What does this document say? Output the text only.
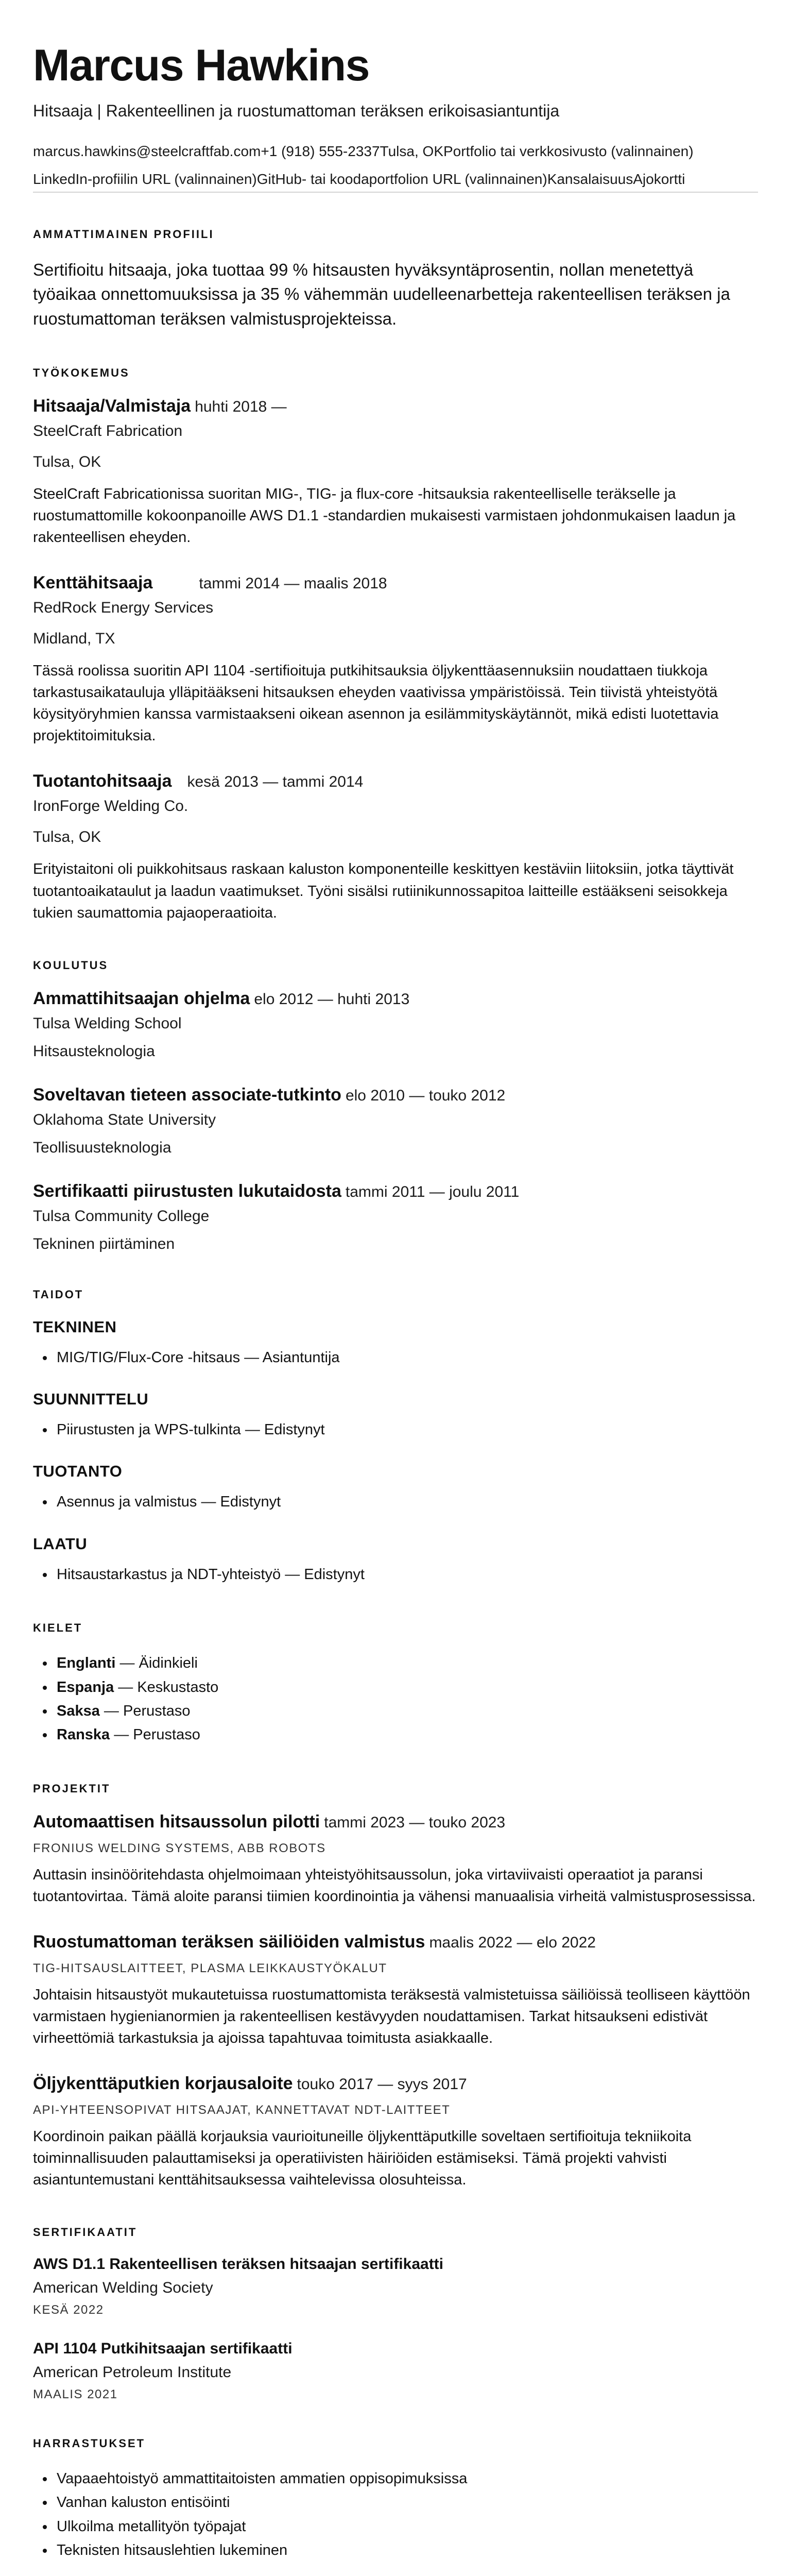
Marcus Hawkins
Hitsaaja | Rakenteellinen ja ruostumattoman teräksen erikoisasiantuntija
marcus.hawkins@steelcraftfab.com +1 (918) 555-2337 Tulsa, OK Portfolio tai verkkosivusto (valinnainen)
LinkedIn-profiilin URL (valinnainen) GitHub- tai koodaportfolion URL (valinnainen) Kansalaisuus Ajokortti
AMMATTIMAINEN PROFIILI
Sertifioitu hitsaaja, joka tuottaa 99 % hitsausten hyväksyntäprosentin, nollan menetettyä työaikaa onnettomuuksissa ja 35 % vähemmän uudelleenarbetteja rakenteellisen teräksen ja ruostumattoman teräksen valmistusprojekteissa.
TYÖKOKEMUS
Hitsaaja/Valmistaja huhti 2018 —
SteelCraft Fabrication
Tulsa, OK
SteelCraft Fabricationissa suoritan MIG-, TIG- ja flux-core -hitsauksia rakenteelliselle teräkselle ja ruostumattomille kokoonpanoille AWS D1.1 -standardien mukaisesti varmistaen johdonmukaisen laadun ja rakenteellisen eheyden.
Kenttähitsaaja	tammi 2014 — maalis 2018
RedRock Energy Services
Midland, TX
Tässä roolissa suoritin API 1104 -sertifioituja putkihitsauksia öljykenttäasennuksiin noudattaen tiukkoja tarkastusaikatauluja ylläpitääkseni hitsauksen eheyden vaativissa ympäristöissä. Tein tiivistä yhteistyötä köysityöryhmien kanssa varmistaakseni oikean asennon ja esilämmityskäytännöt, mikä edisti luotettavia projektitoimituksia.
Tuotantohitsaaja kesä 2013 — tammi 2014
IronForge Welding Co.
Tulsa, OK
Erityistaitoni oli puikkohitsaus raskaan kaluston komponenteille keskittyen kestäviin liitoksiin, jotka täyttivät tuotantoaikataulut ja laadun vaatimukset. Työni sisälsi rutiinikunnossapitoa laitteille estääkseni seisokkeja tukien saumattomia pajaoperaatioita.
KOULUTUS
Ammattihitsaajan ohjelma elo 2012 — huhti 2013
Tulsa Welding School
Hitsausteknologia
Soveltavan tieteen associate-tutkinto elo 2010 — touko 2012
Oklahoma State University
Teollisuusteknologia
Sertifikaatti piirustusten lukutaidosta tammi 2011 — joulu 2011
Tulsa Community College
Tekninen piirtäminen
TAIDOT
TEKNINEN
• MIG/TIG/Flux-Core -hitsaus — Asiantuntija
SUUNNITTELU
• Piirustusten ja WPS-tulkinta — Edistynyt
TUOTANTO
• Asennus ja valmistus — Edistynyt
LAATU
• Hitsaustarkastus ja NDT-yhteistyö — Edistynyt
KIELET
• Englanti — Äidinkieli
• Espanja — Keskustasto
• Saksa — Perustaso
• Ranska — Perustaso
PROJEKTIT
Automaattisen hitsaussolun pilotti tammi 2023 — touko 2023
FRONIUS WELDING SYSTEMS, ABB ROBOTS
Auttasin insinööritehdasta ohjelmoimaan yhteistyöhitsaussolun, joka virtaviivaisti operaatiot ja paransi tuotantovirtaa. Tämä aloite paransi tiimien koordinointia ja vähensi manuaalisia virheitä valmistusprosessissa.
Ruostumattoman teräksen säiliöiden valmistus maalis 2022 — elo 2022
TIG-HITSAUSLAITTEET, PLASMA LEIKKAUSTYÖKALUT
Johtaisin hitsaustyöt mukautetuissa ruostumattomista teräksestä valmistetuissa säiliöissä teolliseen käyttöön varmistaen hygienianormien ja rakenteellisen kestävyyden noudattamisen. Tarkat hitsaukseni edistivät virheettömiä tarkastuksia ja ajoissa tapahtuvaa toimitusta asiakkaalle.
Öljykenttäputkien korjausaloite touko 2017 — syys 2017
API-YHTEENSOPIVAT HITSAAJAT, KANNETTAVAT NDT-LAITTEET
Koordinoin paikan päällä korjauksia vaurioituneille öljykenttäputkille soveltaen sertifioituja tekniikoita toiminnallisuuden palauttamiseksi ja operatiivisten häiriöiden estämiseksi. Tämä projekti vahvisti asiantuntemustani kenttähitsauksessa vaihtelevissa olosuhteissa.
SERTIFIKAATIT
AWS D1.1 Rakenteellisen teräksen hitsaajan sertifikaatti
American Welding Society
KESÄ 2022
API 1104 Putkihitsaajan sertifikaatti
American Petroleum Institute
MAALIS 2021
HARRASTUKSET
• Vapaaehtoistyö ammattitaitoisten ammatien oppisopimuksissa
• Vanhan kaluston entisöinti
• Ulkoilma metallityön työpajat
• Teknisten hitsauslehtien lukeminen
